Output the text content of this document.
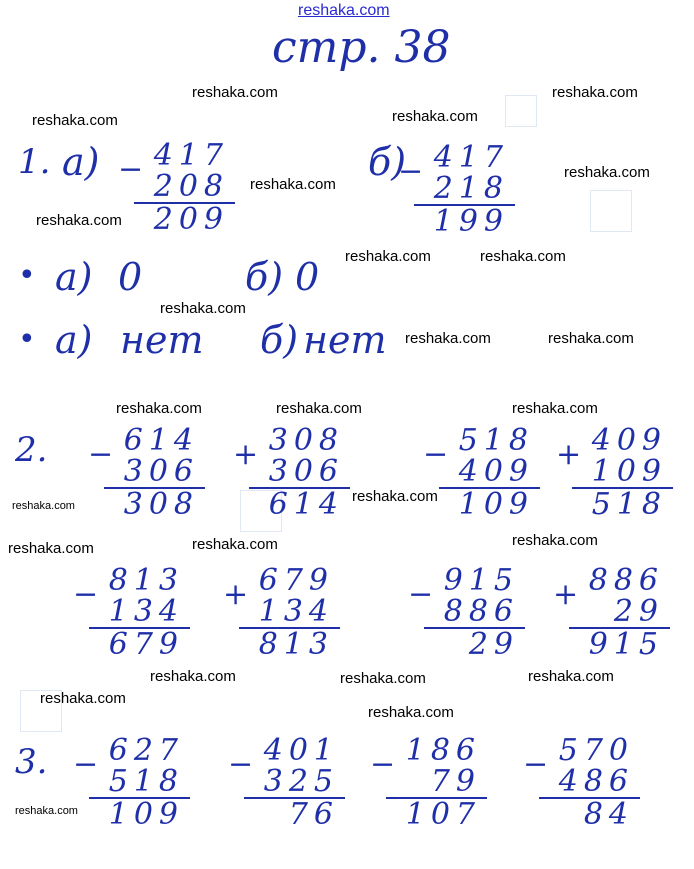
reshaka.com
стр. 38
1. а) − 417
208
209
б)
− 417
218
199
• а) 0	б) 0
• а) нет б) нет
2.
3.
− 614
306
308
+ 308
306
614
− 518
409
109
+ 409
109
518
− 813
134
679
+ 679
134
813
− 915
886
29
+ 886
29
915
− 627
518
109
− 401
325
76
− 186
79
107
− 570
486
84
reshaka.com	reshaka.com
reshaka.com	reshaka.com
reshaka.com
reshaka.com
reshaka.com
reshaka.com	reshaka.com
reshaka.com
reshaka.com	reshaka.com
reshaka.com	reshaka.com	reshaka.com
reshaka.com
reshaka.com
reshaka.com
reshaka.com
reshaka.com
reshaka.com
reshaka.com	reshaka.com
reshaka.com
reshaka.com
reshaka.com
